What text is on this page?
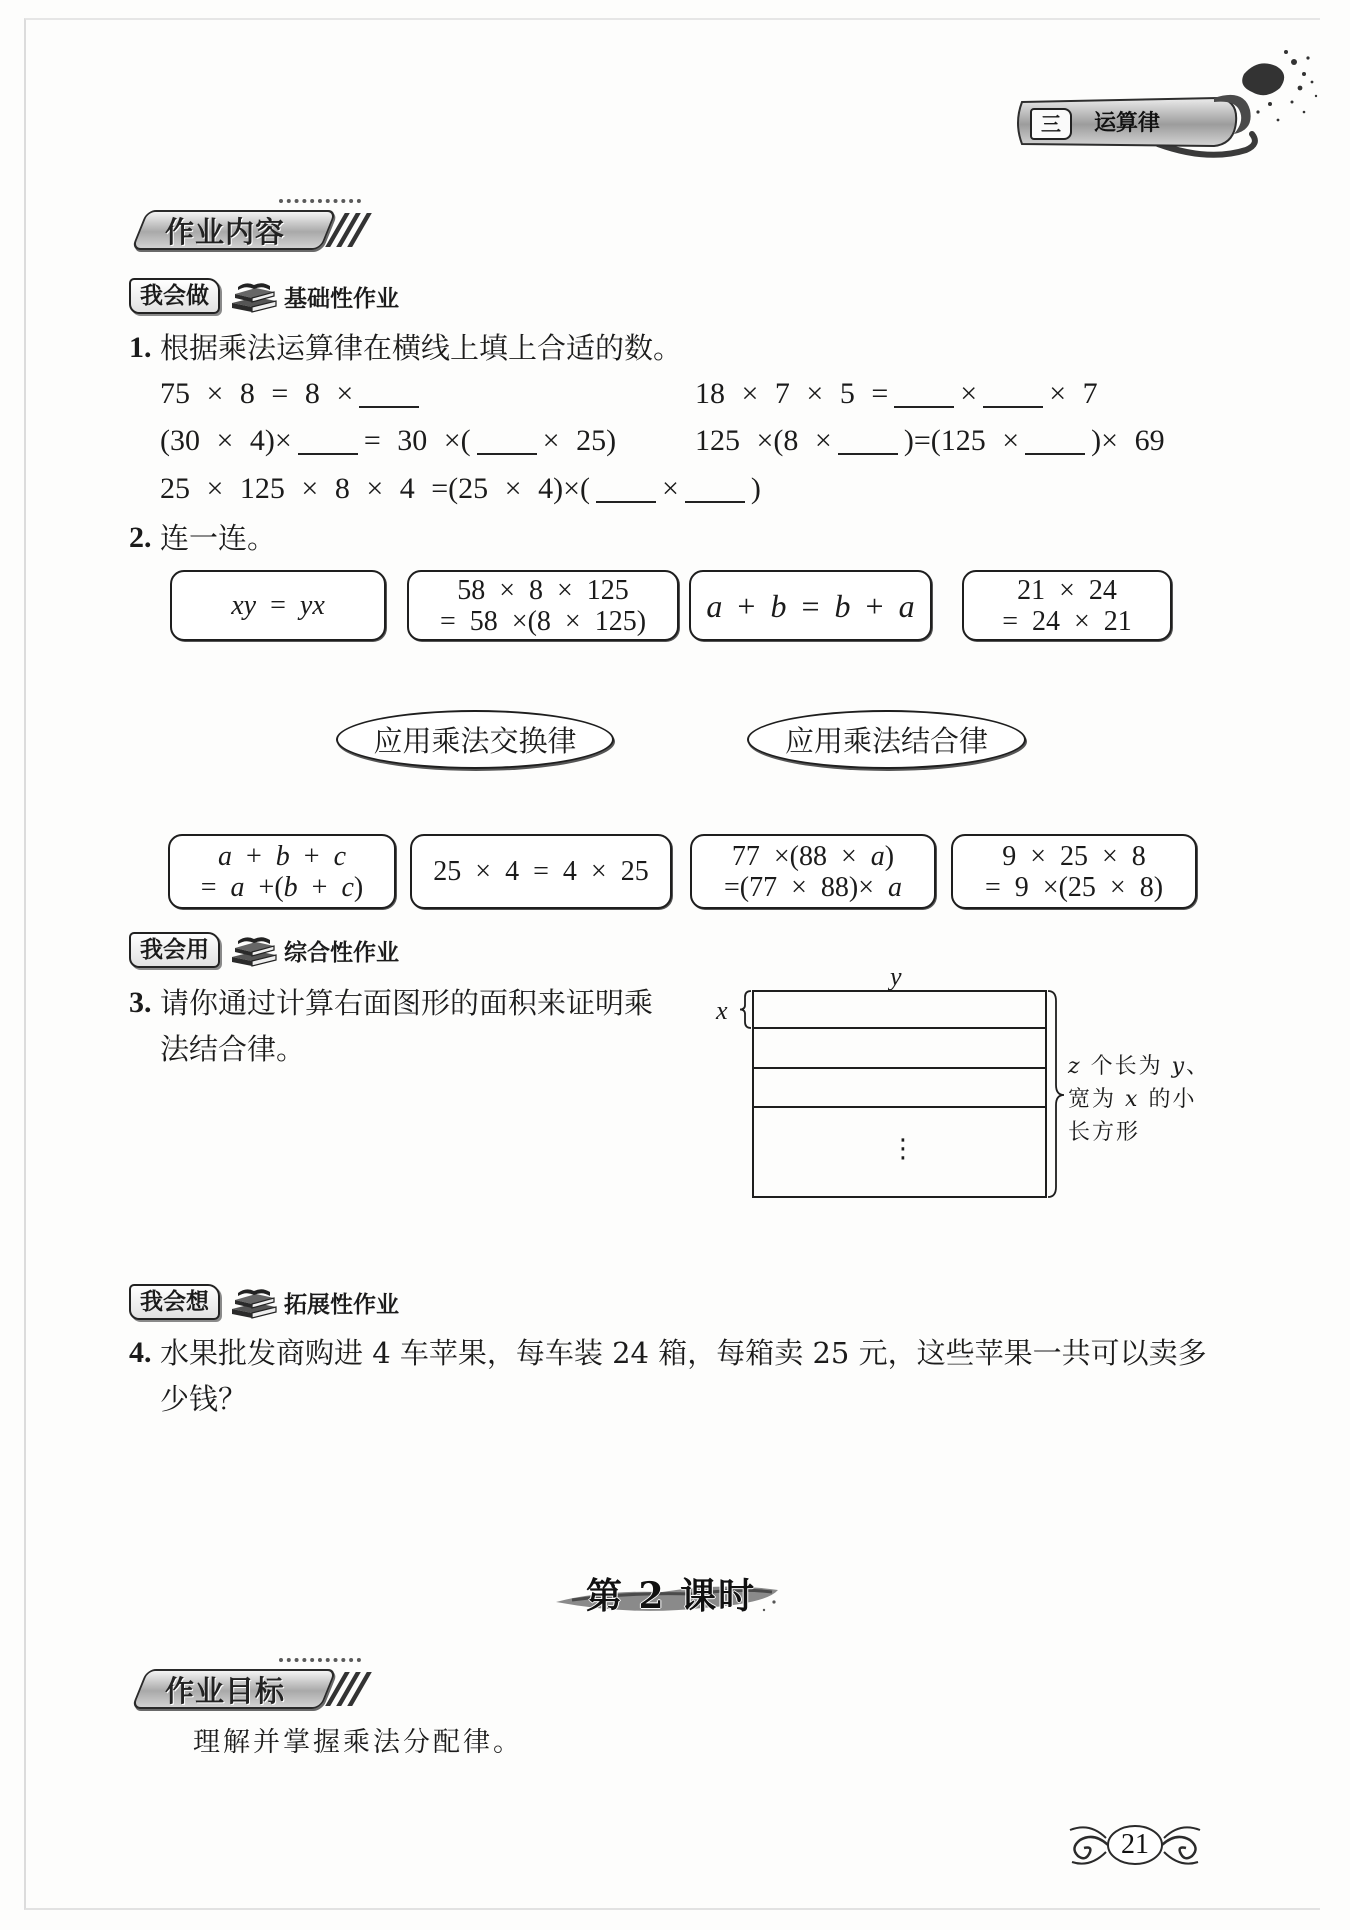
三	运算律
作业内容
我会做	基础性作业
1. 根据乘法运算律在横线上填上合适的数。
75 × 8 = 8 ×	18 × 7 × 5 = × × 7
(30 × 4)× = 30 ×( × 25)	125 ×(8 × )=(125 × )× 69
25 × 125 × 8 × 4 =(25 × 4)×( × )
2. 连一连。
xy = yx	58 × 8 × 125
= 58 ×(8 × 125) a + b = b + a	21 × 24
= 24 × 21
应用乘法交换律	应用乘法结合律
a + b + c
= a +(b + c)	25 × 4 = 4 × 25	77 ×(88 × a)
=(77 × 88)× a
9 × 25 × 8
= 9 ×(25 × 8)
我会用	综合性作业
3. 请你通过计算右面图形的面积来证明乘
法结合律。
y
x
⋮
z 个长为 y、
宽为 x 的小
长方形
我会想	拓展性作业
4. 水果批发商购进 4 车苹果，每车装 24 箱，每箱卖 25 元，这些苹果一共可以卖多
少钱？
第 2 课时
作业目标
理解并掌握乘法分配律。
21
